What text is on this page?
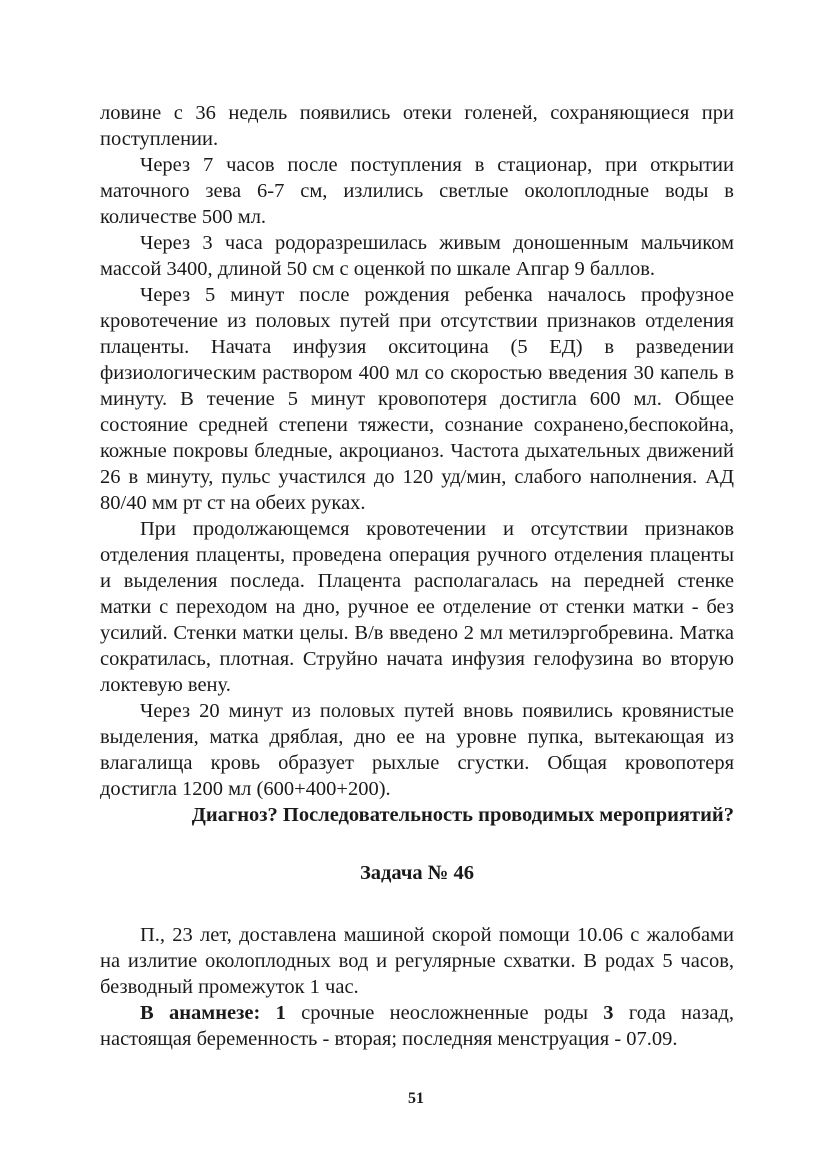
ловине с 36 недель появились отеки голеней, сохраняющиеся при поступлении.

Через 7 часов после поступления в стационар, при открытии маточного зева 6-7 см, излились светлые околоплодные воды в количестве 500 мл.

Через 3 часа родоразрешилась живым доношенным мальчиком массой 3400, длиной 50 см с оценкой по шкале Апгар 9 баллов.

Через 5 минут после рождения ребенка началось профузное кровотечение из половых путей при отсутствии признаков отделения плаценты. Начата инфузия окситоцина (5 ЕД) в разведении физиологическим раствором 400 мл со скоростью введения 30 капель в минуту. В течение 5 минут кровопотеря достигла 600 мл. Общее состояние средней степени тяжести, сознание сохранено,беспокойна, кожные покровы бледные, акроцианоз. Частота дыхательных движений 26 в минуту, пульс участился до 120 уд/мин, слабого наполнения. АД 80/40 мм рт ст на обеих руках.

При продолжающемся кровотечении и отсутствии признаков отделения плаценты, проведена операция ручного отделения плаценты и выделения последа. Плацента располагалась на передней стенке матки с переходом на дно, ручное ее отделение от стенки матки - без усилий. Стенки матки целы. В/в введено 2 мл метилэргобревина. Матка сократилась, плотная. Струйно начата инфузия гелофузина во вторую локтевую вену.

Через 20 минут из половых путей вновь появились кровянистые выделения, матка дряблая, дно ее на уровне пупка, вытекающая из влагалища кровь образует рыхлые сгустки. Общая кровопотеря достигла 1200 мл (600+400+200).

Диагноз? Последовательность проводимых мероприятий?

Задача № 46

П., 23 лет, доставлена машиной скорой помощи 10.06 с жалобами на излитие околоплодных вод и регулярные схватки. В родах 5 часов, безводный промежуток 1 час.

В анамнезе: 1 срочные неосложненные роды 3 года назад, настоящая беременность - вторая; последняя менструация - 07.09.

51
